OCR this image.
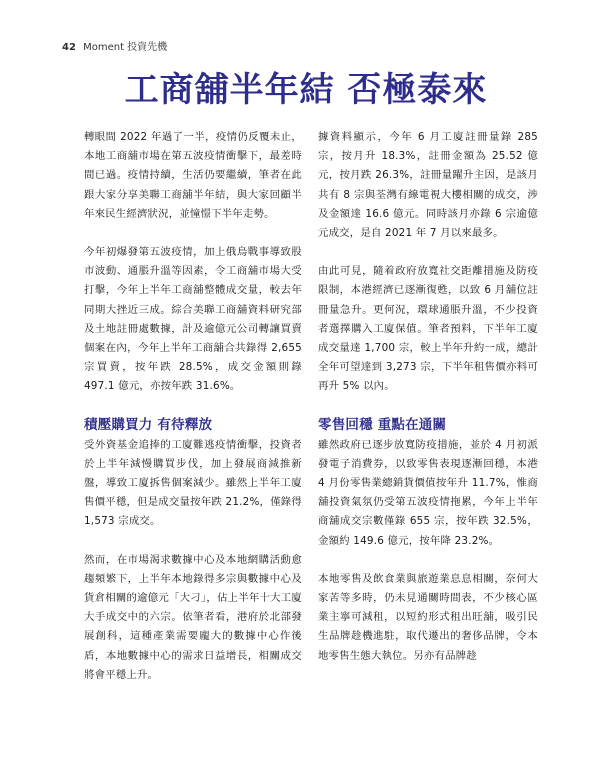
42 Moment 投資先機
工商舖半年結 否極泰來

轉眼間 2022 年過了一半，疫情仍反覆未止，本地工商舖市場在第五波疫情衝擊下，最差時間已過。疫情持續，生活仍要繼續，筆者在此跟大家分享美聯工商舖半年結，與大家回顧半年來民生經濟狀況，並憧憬下半年走勢。

今年初爆發第五波疫情，加上俄烏戰事導致股市波動、通脹升溫等因素，令工商舖市場大受打擊，今年上半年工商舖整體成交量，較去年同期大挫近三成。綜合美聯工商舖資料研究部及土地註冊處數據，計及逾億元公司轉讓買賣個案在內，今年上半年工商舖合共錄得 2,655 宗買賣，按年跌 28.5%，成交金額則錄 497.1 億元，亦按年跌 31.6%。

積壓購買力 有待釋放

受外資基金追捧的工廈難逃疫情衝擊，投資者於上半年減慢購買步伐，加上發展商減推新盤，導致工廈拆售個案減少。雖然上半年工廈售價平穩，但是成交量按年跌 21.2%，僅錄得 1,573 宗成交。

然而，在市場渴求數據中心及本地網購活動愈趨頻繁下，上半年本地錄得多宗與數據中心及貨倉相關的逾億元「大刁」，佔上半年十大工廈大手成交中的六宗。依筆者看，港府於北部發展創科，這種產業需要龐大的數據中心作後盾，本地數據中心的需求日益增長，相關成交將會平穩上升。

據資料顯示，今年 6 月工廈註冊量錄 285 宗，按月升 18.3%，註冊金額為 25.52 億元，按月跌 26.3%，註冊量躍升主因，是該月共有 8 宗與荃灣有線電視大樓相關的成交，涉及金額達 16.6 億元。同時該月亦錄 6 宗逾億元成交，是自 2021 年 7 月以來最多。

由此可見，隨着政府放寬社交距離措施及防疫限制，本港經濟已逐漸復甦，以致 6 月舖位註冊量急升。更何況，環球通脹升溫，不少投資者選擇購入工廈保值。筆者預料，下半年工廈成交量達 1,700 宗，較上半年升約一成，總計全年可望達到 3,273 宗，下半年租售價亦料可再升 5% 以內。

零售回穩 重點在通關

雖然政府已逐步放寬防疫措施，並於 4 月初派發電子消費券，以致零售表現逐漸回穩，本港 4 月份零售業總銷貨價值按年升 11.7%，惟商舖投資氣氛仍受第五波疫情拖累，今年上半年商舖成交宗數僅錄 655 宗，按年跌 32.5%，金額約 149.6 億元，按年降 23.2%。

本地零售及飲食業與旅遊業息息相關，奈何大家苦等多時，仍未見通關時間表，不少核心區業主寧可減租，以短約形式租出旺舖，吸引民生品牌趁機進駐，取代遷出的奢侈品牌，令本地零售生態大執位。另亦有品牌趁
